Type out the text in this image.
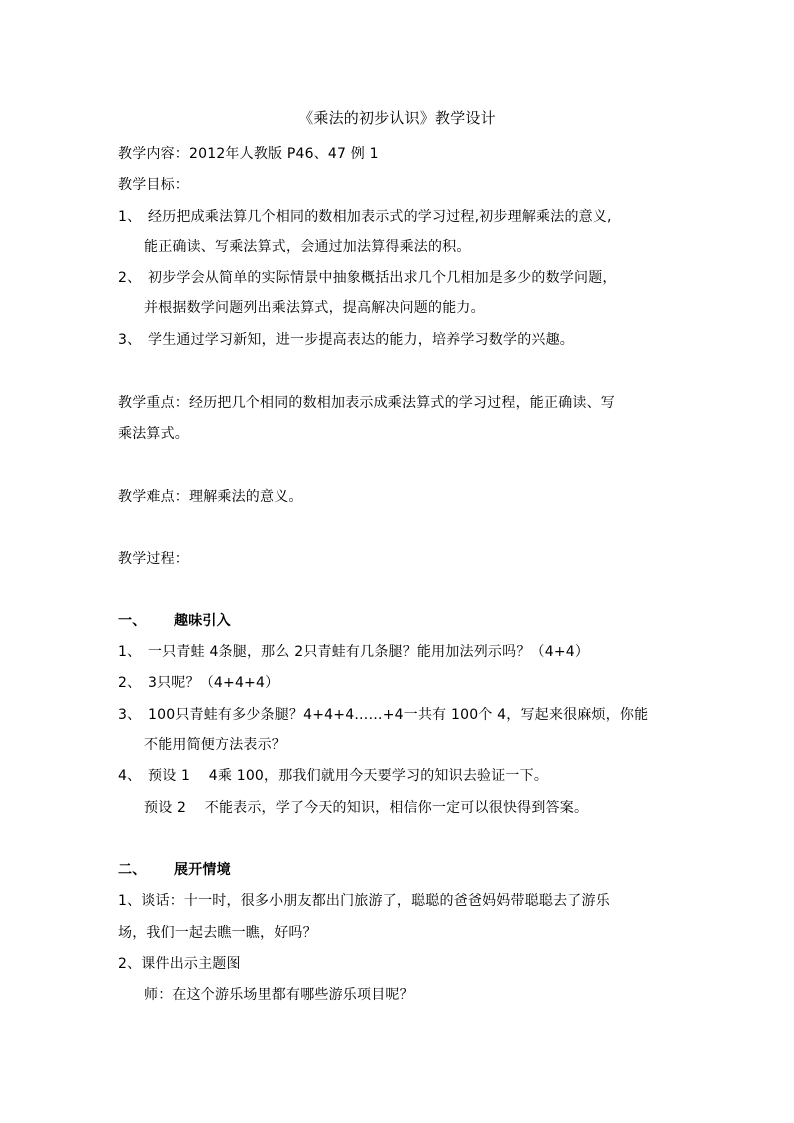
《乘法的初步认识》教学设计
教学内容：2012年人教版 P46、47 例 1
教学目标：
1、 经历把成乘法算几个相同的数相加表示式的学习过程,初步理解乘法的意义,
能正确读、写乘法算式，会通过加法算得乘法的积。
2、 初步学会从简单的实际情景中抽象概括出求几个几相加是多少的数学问题，
并根据数学问题列出乘法算式，提高解决问题的能力。
3、 学生通过学习新知，进一步提高表达的能力，培养学习数学的兴趣。
教学重点：经历把几个相同的数相加表示成乘法算式的学习过程，能正确读、写
乘法算式。
教学难点：理解乘法的意义。
教学过程：
一、 趣味引入
1、 一只青蛙 4条腿，那么 2只青蛙有几条腿？能用加法列示吗？（4+4）
2、 3只呢？（4+4+4）
3、 100只青蛙有多少条腿？4+4+4……+4一共有 100个 4，写起来很麻烦，你能
不能用简便方法表示？
4、 预设 1    4乘 100，那我们就用今天要学习的知识去验证一下。
预设 2    不能表示，学了今天的知识，相信你一定可以很快得到答案。
二、 展开情境
1、谈话：十一时，很多小朋友都出门旅游了，聪聪的爸爸妈妈带聪聪去了游乐
场，我们一起去瞧一瞧，好吗？
2、课件出示主题图
师：在这个游乐场里都有哪些游乐项目呢？
